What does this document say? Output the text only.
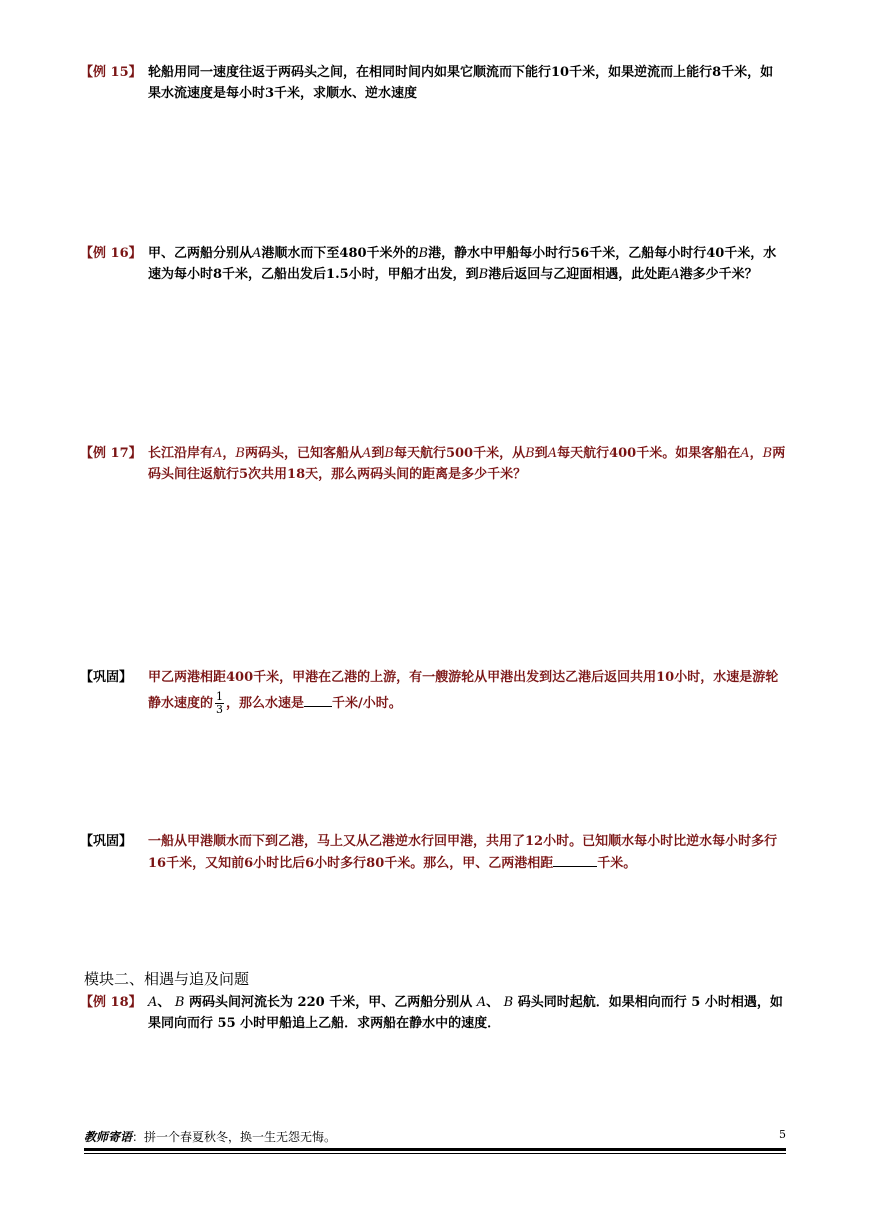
【例 15】 轮船用同一速度往返于两码头之间，在相同时间内如果它顺流而下能行10千米，如果逆流而上能行8千米，如果水流速度是每小时3千米，求顺水、逆水速度
【例 16】 甲、乙两船分别从A港顺水而下至480千米外的B港，静水中甲船每小时行56千米，乙船每小时行40千米，水速为每小时8千米，乙船出发后1.5小时，甲船才出发，到B港后返回与乙迎面相遇，此处距A港多少千米？
【例 17】 长江沿岸有A，B两码头，已知客船从A到B每天航行500千米，从B到A每天航行400千米。如果客船在A，B两码头间往返航行5次共用18天，那么两码头间的距离是多少千米？
【巩固】 甲乙两港相距400千米，甲港在乙港的上游，有一艘游轮从甲港出发到达乙港后返回共用10小时，水速是游轮静水速度的 $\frac{1}{3}$ ，那么水速是 千米/小时。
【巩固】 一船从甲港顺水而下到乙港，马上又从乙港逆水行回甲港，共用了12小时。已知顺水每小时比逆水每小时多行16千米，又知前6小时比后6小时多行80千米。那么，甲、乙两港相距	千米。
模块二、相遇与追及问题
【例 18】 A、 B 两码头间河流长为 220 千米，甲、乙两船分别从 A、 B 码头同时起航．如果相向而行 5 小时相遇，如果同向而行 55 小时甲船追上乙船．求两船在静水中的速度．
教师寄语：拼一个春夏秋冬，换一生无怨无悔。	5
